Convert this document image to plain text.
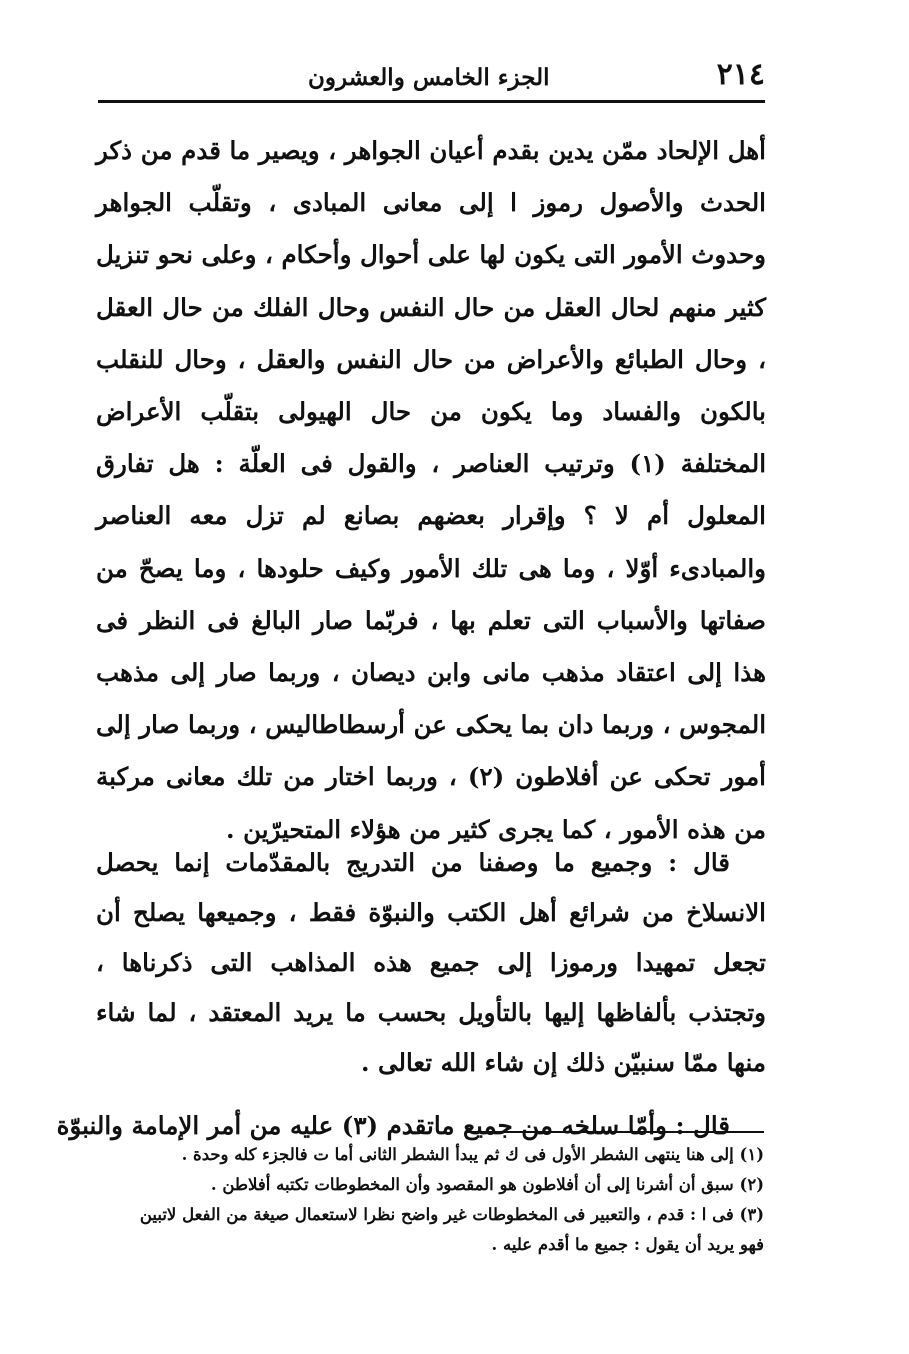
٢١٤
الجزء الخامس والعشرون

أهل الإلحاد ممّن يدين بقدم أعيان الجواهر ، ويصير ما قدم من ذكر الحدث والأصول رموز ا إلى معانى المبادى ، وتقلّب الجواهر وحدوث الأمور التى يكون لها على أحوال وأحكام ، وعلى نحو تنزيل كثير منهم لحال العقل من حال النفس وحال الفلك من حال العقل ، وحال الطبائع والأعراض من حال النفس والعقل ، وحال للنقلب بالكون والفساد وما يكون من حال الهيولى بتقلّب الأعراض المختلفة (١) وترتيب العناصر ، والقول فى العلّة : هل تفارق المعلول أم لا ؟ وإقرار بعضهم بصانع لم تزل معه العناصر والمبادىء أوّلا ، وما هى تلك الأمور وكيف حلودها ، وما يصحّ من صفاتها والأسباب التى تعلم بها ، فربّما صار البالغ فى النظر فى هذا إلى اعتقاد مذهب مانى وابن ديصان ، وربما صار إلى مذهب المجوس ، وربما دان بما يحكى عن أرسطاطاليس ، وربما صار إلى أمور تحكى عن أفلاطون (٢) ، وربما اختار من تلك معانى مركبة من هذه الأمور ، كما يجرى كثير من هؤلاء المتحيرّين .

قال : وجميع ما وصفنا من التدريج بالمقدّمات إنما يحصل الانسلاخ من شرائع أهل الكتب والنبوّة فقط ، وجميعها يصلح أن تجعل تمهيدا ورموزا إلى جميع هذه المذاهب التى ذكرناها ، وتجتذب بألفاظها إليها بالتأويل بحسب ما يريد المعتقد ، لما شاء منها ممّا سنبيّن ذلك إن شاء الله تعالى .

قال : وأمّا سلخه من جميع ماتقدم (٣) عليه من أمر الإمامة والنبوّة

(١) إلى هنا ينتهى الشطر الأول فى ك ثم يبدأ الشطر الثانى أما ت فالجزء كله وحدة .

(٢) سبق أن أشرنا إلى أن أفلاطون هو المقصود وأن المخطوطات تكتبه أفلاطن .

(٣) فى ا : قدم ، والتعبير فى المخطوطات غير واضح نظرا لاستعمال صيغة من الفعل لاتبين

فهو يريد أن يقول : جميع ما أقدم عليه .
